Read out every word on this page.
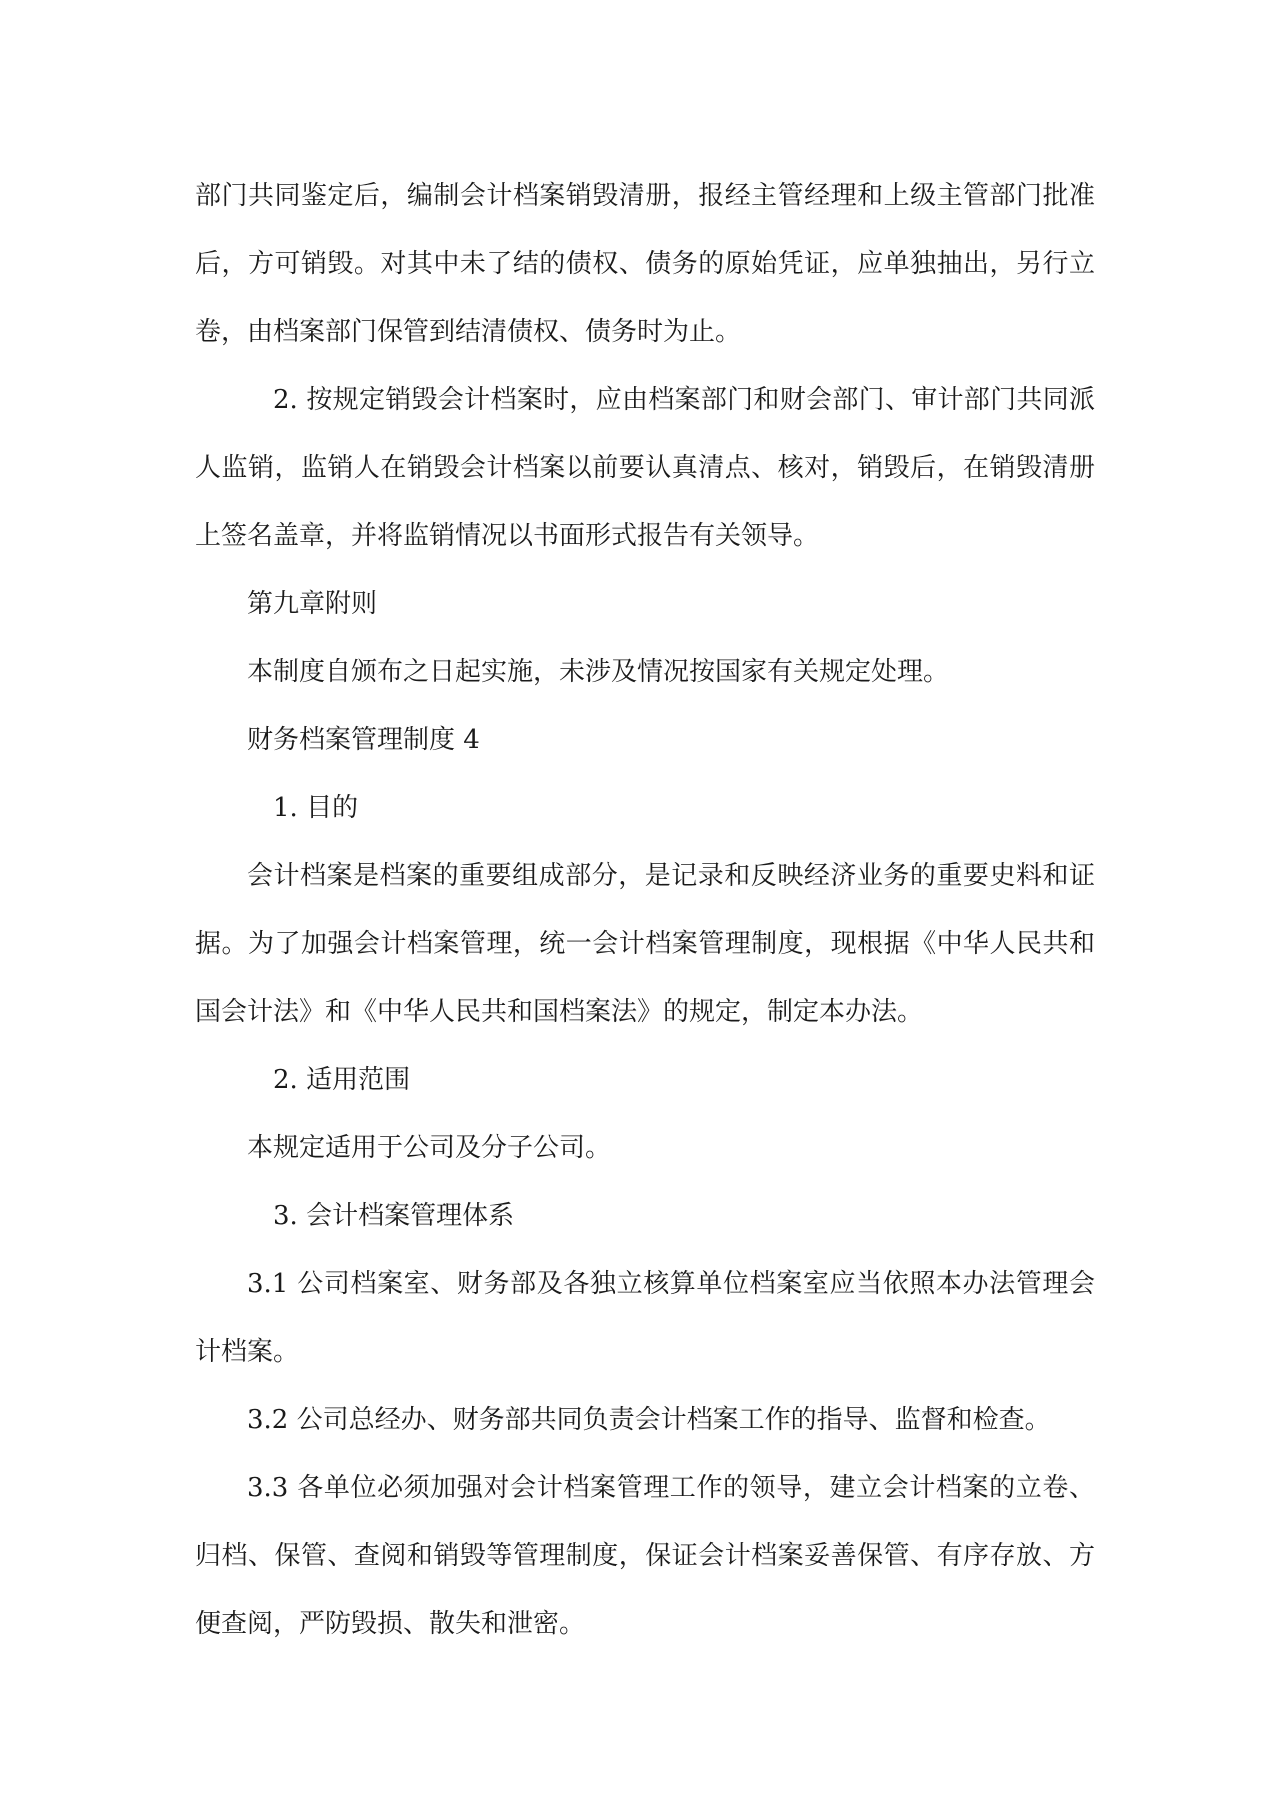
部门共同鉴定后，编制会计档案销毁清册，报经主管经理和上级主管部门批准后，方可销毁。对其中未了结的债权、债务的原始凭证，应单独抽出，另行立卷，由档案部门保管到结清债权、债务时为止。

2. 按规定销毁会计档案时，应由档案部门和财会部门、审计部门共同派人监销，监销人在销毁会计档案以前要认真清点、核对，销毁后，在销毁清册上签名盖章，并将监销情况以书面形式报告有关领导。

第九章附则

本制度自颁布之日起实施，未涉及情况按国家有关规定处理。

财务档案管理制度 4

1. 目的

会计档案是档案的重要组成部分，是记录和反映经济业务的重要史料和证据。为了加强会计档案管理，统一会计档案管理制度，现根据《中华人民共和国会计法》和《中华人民共和国档案法》的规定，制定本办法。

2. 适用范围

本规定适用于公司及分子公司。

3. 会计档案管理体系

3.1 公司档案室、财务部及各独立核算单位档案室应当依照本办法管理会计档案。

3.2 公司总经办、财务部共同负责会计档案工作的指导、监督和检查。

3.3 各单位必须加强对会计档案管理工作的领导，建立会计档案的立卷、归档、保管、查阅和销毁等管理制度，保证会计档案妥善保管、有序存放、方便查阅，严防毁损、散失和泄密。
